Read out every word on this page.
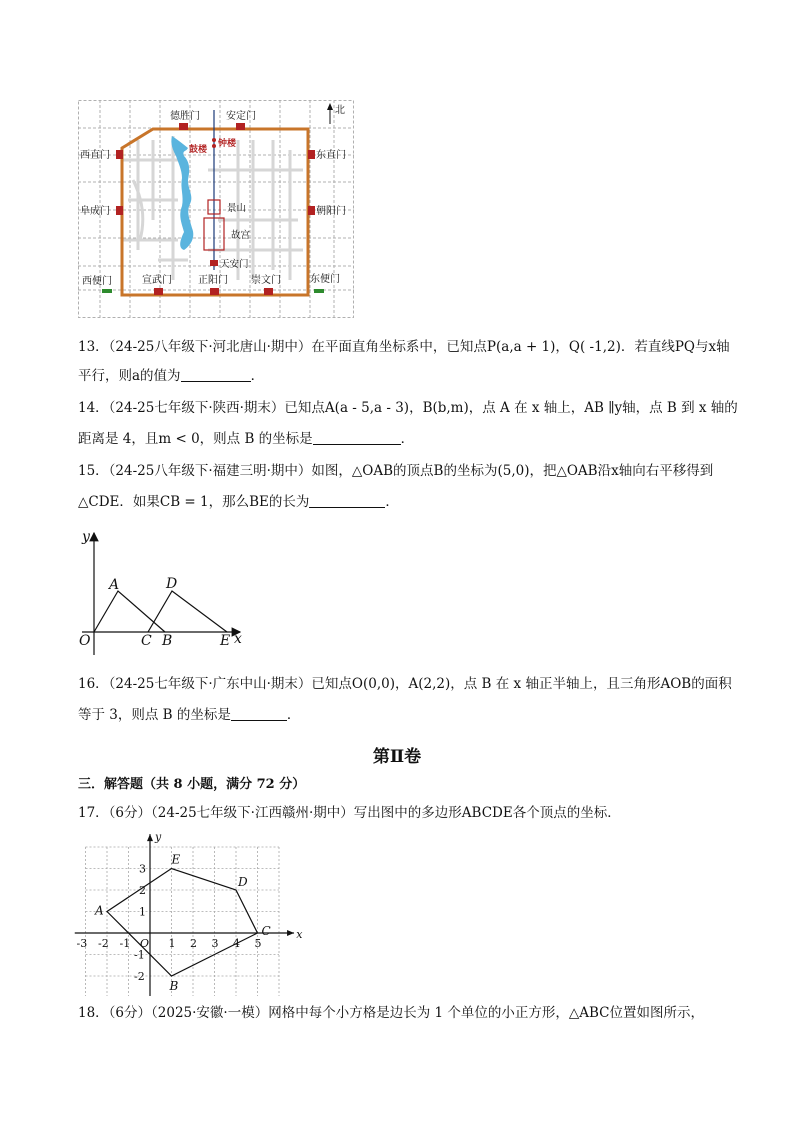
北
德胜门	安定门
西直门	东直门
阜成门	朝阳门
西便门	东便门
宣武门	正阳门 崇文门
鼓楼
钟楼
景山
故宫
天安门
13．（24-25八年级下·河北唐山·期中）在平面直角坐标系中，已知点P(a,a + 1)，Q( -1,2)．若直线PQ与x轴
平行，则a的值为	．
14．（24-25七年级下·陕西·期末）已知点A(a - 5,a - 3)，B(b,m)，点 A 在 x 轴上，AB ∥y轴，点 B 到 x 轴的
距离是 4，且m < 0，则点 B 的坐标是	．
15．（24-25八年级下·福建三明·期中）如图，△OAB的顶点B的坐标为(5,0)，把△OAB沿x轴向右平移得到
△CDE．如果CB = 1，那么BE的长为	．
y
x
O
A
C B
D
E
16．（24-25七年级下·广东中山·期末）已知点O(0,0)，A(2,2)，点 B 在 x 轴正半轴上，且三角形AOB的面积
等于 3，则点 B 的坐标是	．
第Ⅱ卷
三．解答题（共 8 小题，满分 72 分）
17．（6分）（24-25七年级下·江西赣州·期中）写出图中的多边形ABCDE各个顶点的坐标．
-3 -2 -1	1 2 3 4 5
3
2
1
-1
-2
O
x
y
A
B
C
D
E
18．（6分）（2025·安徽·一模）网格中每个小方格是边长为 1 个单位的小正方形，△ABC位置如图所示，
